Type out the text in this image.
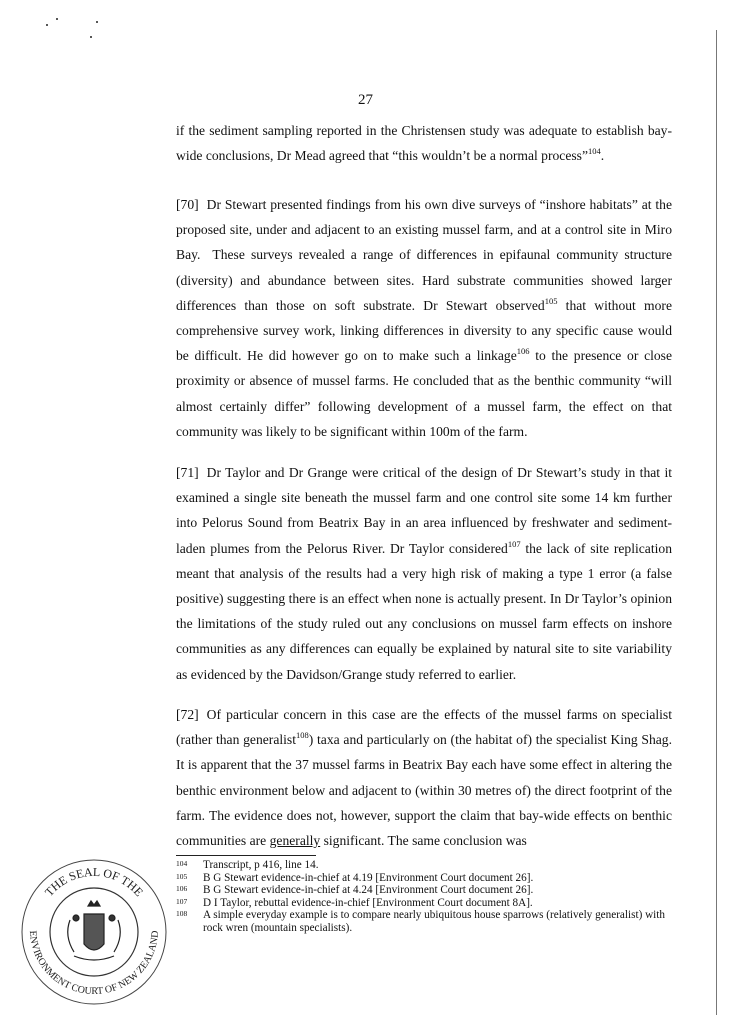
27

if the sediment sampling reported in the Christensen study was adequate to establish bay-wide conclusions, Dr Mead agreed that “this wouldn’t be a normal process”$^{104}$.

[70] Dr Stewart presented findings from his own dive surveys of “inshore habitats” at the proposed site, under and adjacent to an existing mussel farm, and at a control site in Miro Bay.  These surveys revealed a range of differences in epifaunal community structure (diversity) and abundance between sites. Hard substrate communities showed larger differences than those on soft substrate. Dr Stewart observed$^{105}$ that without more comprehensive survey work, linking differences in diversity to any specific cause would be difficult. He did however go on to make such a linkage$^{106}$ to the presence or close proximity or absence of mussel farms. He concluded that as the benthic community “will almost certainly differ” following development of a mussel farm, the effect on that community was likely to be significant within 100m of the farm.

[71] Dr Taylor and Dr Grange were critical of the design of Dr Stewart’s study in that it examined a single site beneath the mussel farm and one control site some 14 km further into Pelorus Sound from Beatrix Bay in an area influenced by freshwater and sediment-laden plumes from the Pelorus River. Dr Taylor considered$^{107}$ the lack of site replication meant that analysis of the results had a very high risk of making a type 1 error (a false positive) suggesting there is an effect when none is actually present. In Dr Taylor’s opinion the limitations of the study ruled out any conclusions on mussel farm effects on inshore communities as any differences can equally be explained by natural site to site variability as evidenced by the Davidson/Grange study referred to earlier.

[72] Of particular concern in this case are the effects of the mussel farms on specialist (rather than generalist$^{108}$) taxa and particularly on (the habitat of) the specialist King Shag. It is apparent that the 37 mussel farms in Beatrix Bay each have some effect in altering the benthic environment below and adjacent to (within 30 metres of) the direct footprint of the farm. The evidence does not, however, support the claim that bay-wide effects on benthic communities are generally significant. The same conclusion was

104 Transcript, p 416, line 14.
105 B G Stewart evidence-in-chief at 4.19 [Environment Court document 26].
106 B G Stewart evidence-in-chief at 4.24 [Environment Court document 26].
107 D I Taylor, rebuttal evidence-in-chief [Environment Court document 8A].
108 A simple everyday example is to compare nearly ubiquitous house sparrows (relatively generalist) with rock wren (mountain specialists).
THE SEAL OF THE
ENVIRONMENT COURT OF NEW ZEALAND
